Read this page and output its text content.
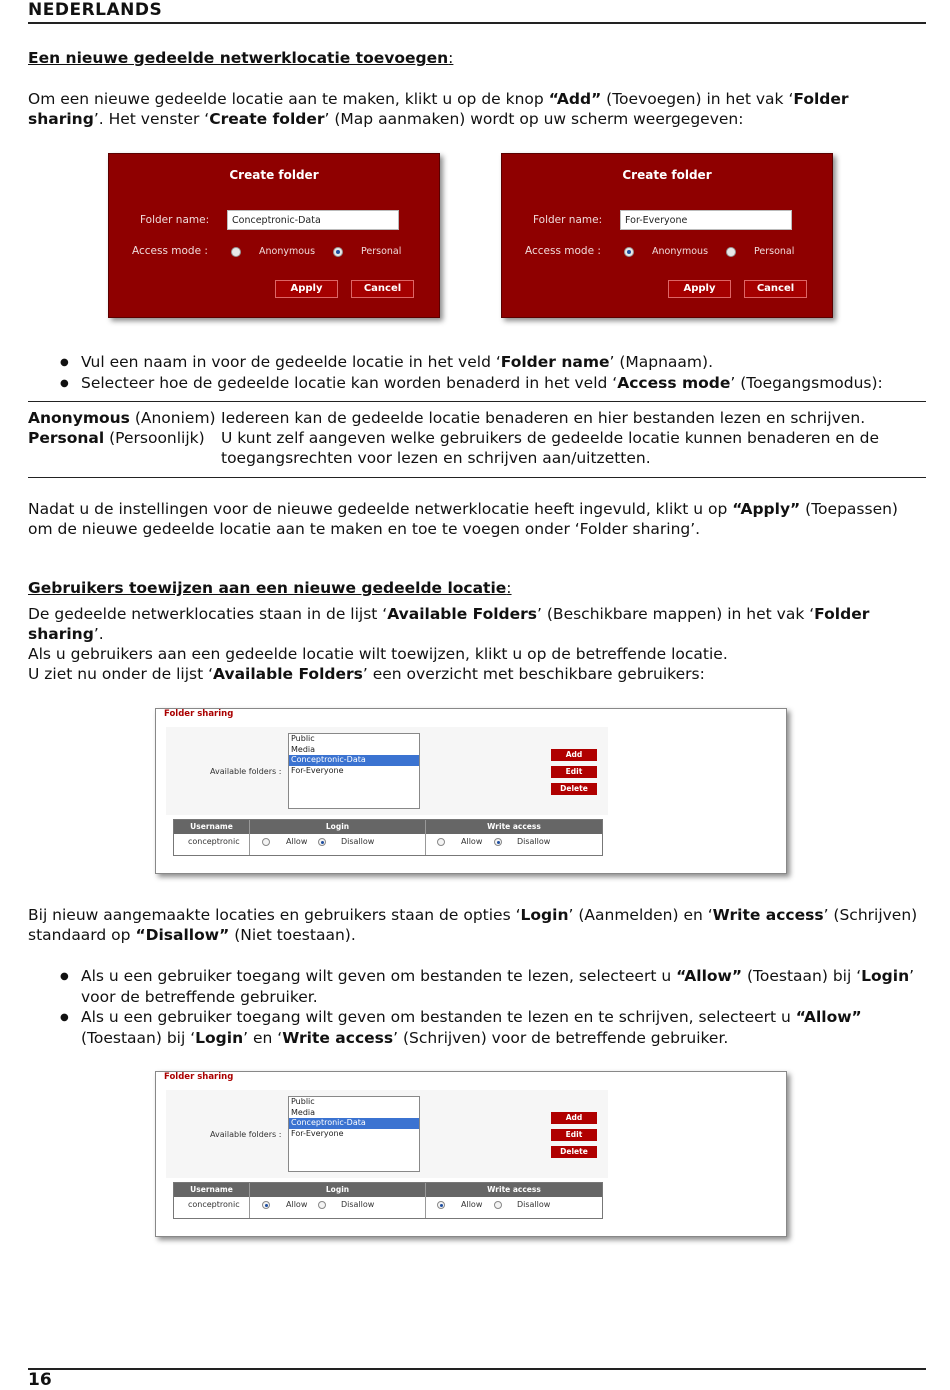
NEDERLANDS
Een nieuwe gedeelde netwerklocatie toevoegen:
Om een nieuwe gedeelde locatie aan te maken, klikt u op de knop “Add” (Toevoegen) in het vak ‘Folder sharing’. Het venster ‘Create folder’ (Map aanmaken) wordt op uw scherm weergegeven:
Create folder
Folder name:	Conceptronic-Data
Access mode :	Anonymous	Personal
Apply	Cancel
Create folder
Folder name:	For-Everyone
Access mode :	Anonymous	Personal
Apply	Cancel
● Vul een naam in voor de gedeelde locatie in het veld ‘Folder name’ (Mapnaam).
● Selecteer hoe de gedeelde locatie kan worden benaderd in het veld ‘Access mode’ (Toegangsmodus):
Anonymous (Anoniem) Iedereen kan de gedeelde locatie benaderen en hier bestanden lezen en schrijven.
Personal (Persoonlijk)	U kunt zelf aangeven welke gebruikers de gedeelde locatie kunnen benaderen en de toegangsrechten voor lezen en schrijven aan/uitzetten.
Nadat u de instellingen voor de nieuwe gedeelde netwerklocatie heeft ingevuld, klikt u op “Apply” (Toepassen) om de nieuwe gedeelde locatie aan te maken en toe te voegen onder ‘Folder sharing’.
Gebruikers toewijzen aan een nieuwe gedeelde locatie:
De gedeelde netwerklocaties staan in de lijst ‘Available Folders’ (Beschikbare mappen) in het vak ‘Folder sharing’.
Als u gebruikers aan een gedeelde locatie wilt toewijzen, klikt u op de betreffende locatie.
U ziet nu onder de lijst ‘Available Folders’ een overzicht met beschikbare gebruikers:
Folder sharing
Available folders :
Public
Media
Conceptronic-Data
For-Everyone
Add
Edit
Delete
Username	Login	Write access
conceptronic	Allow	Disallow	Allow	Disallow
Folder sharing
Available folders :
Public
Media
Conceptronic-Data
For-Everyone
Add
Edit
Delete
Username	Login	Write access
conceptronic	Allow	Disallow	Allow	Disallow
Bij nieuw aangemaakte locaties en gebruikers staan de opties ‘Login’ (Aanmelden) en ‘Write access’ (Schrijven) standaard op “Disallow” (Niet toestaan).
● Als u een gebruiker toegang wilt geven om bestanden te lezen, selecteert u “Allow” (Toestaan) bij ‘Login’ voor de betreffende gebruiker.
● Als u een gebruiker toegang wilt geven om bestanden te lezen en te schrijven, selecteert u “Allow” (Toestaan) bij ‘Login’ en ‘Write access’ (Schrijven) voor de betreffende gebruiker.
16
